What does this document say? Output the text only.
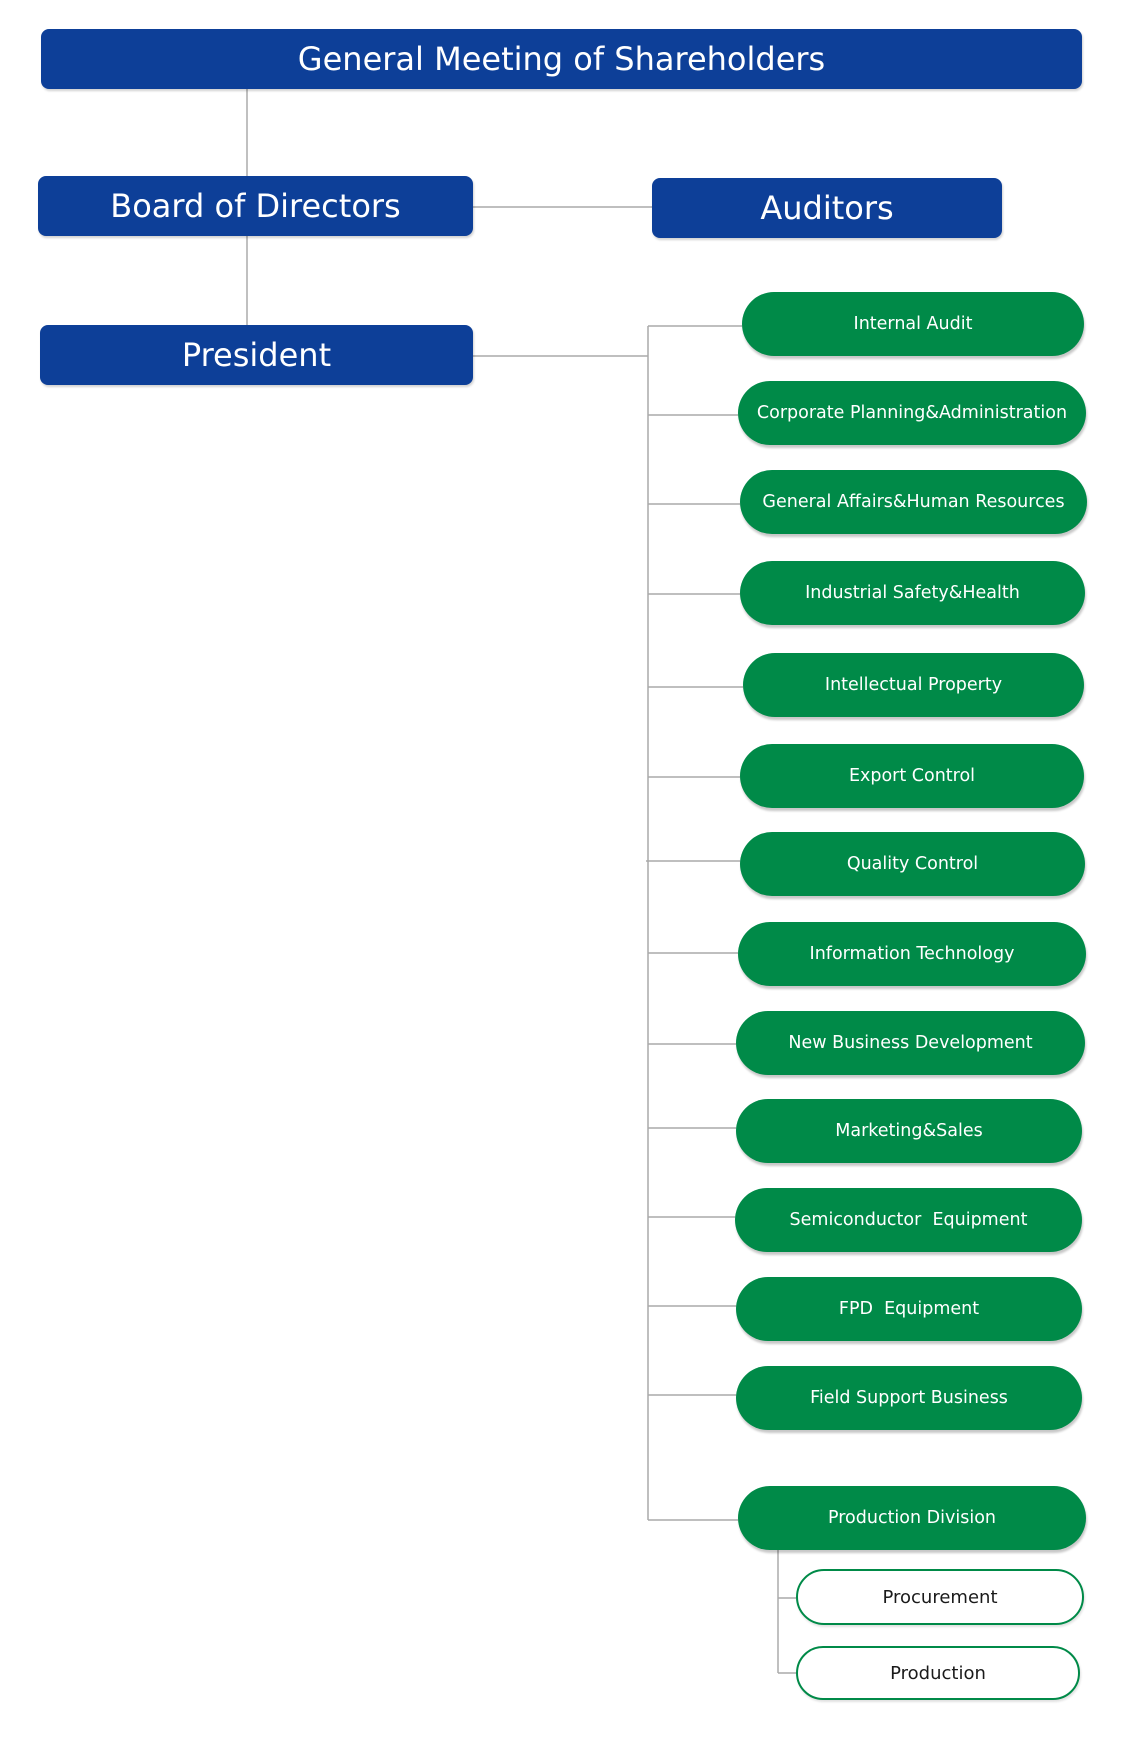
General Meeting of Shareholders
Board of Directors	Auditors
President
Internal Audit
Corporate Planning&Administration
General Affairs&Human Resources
Industrial Safety&Health
Intellectual Property
Export Control
Quality Control
Information Technology
New Business Development
Marketing&Sales
Semiconductor  Equipment
FPD  Equipment
Field Support Business
Production Division
Procurement
Production
